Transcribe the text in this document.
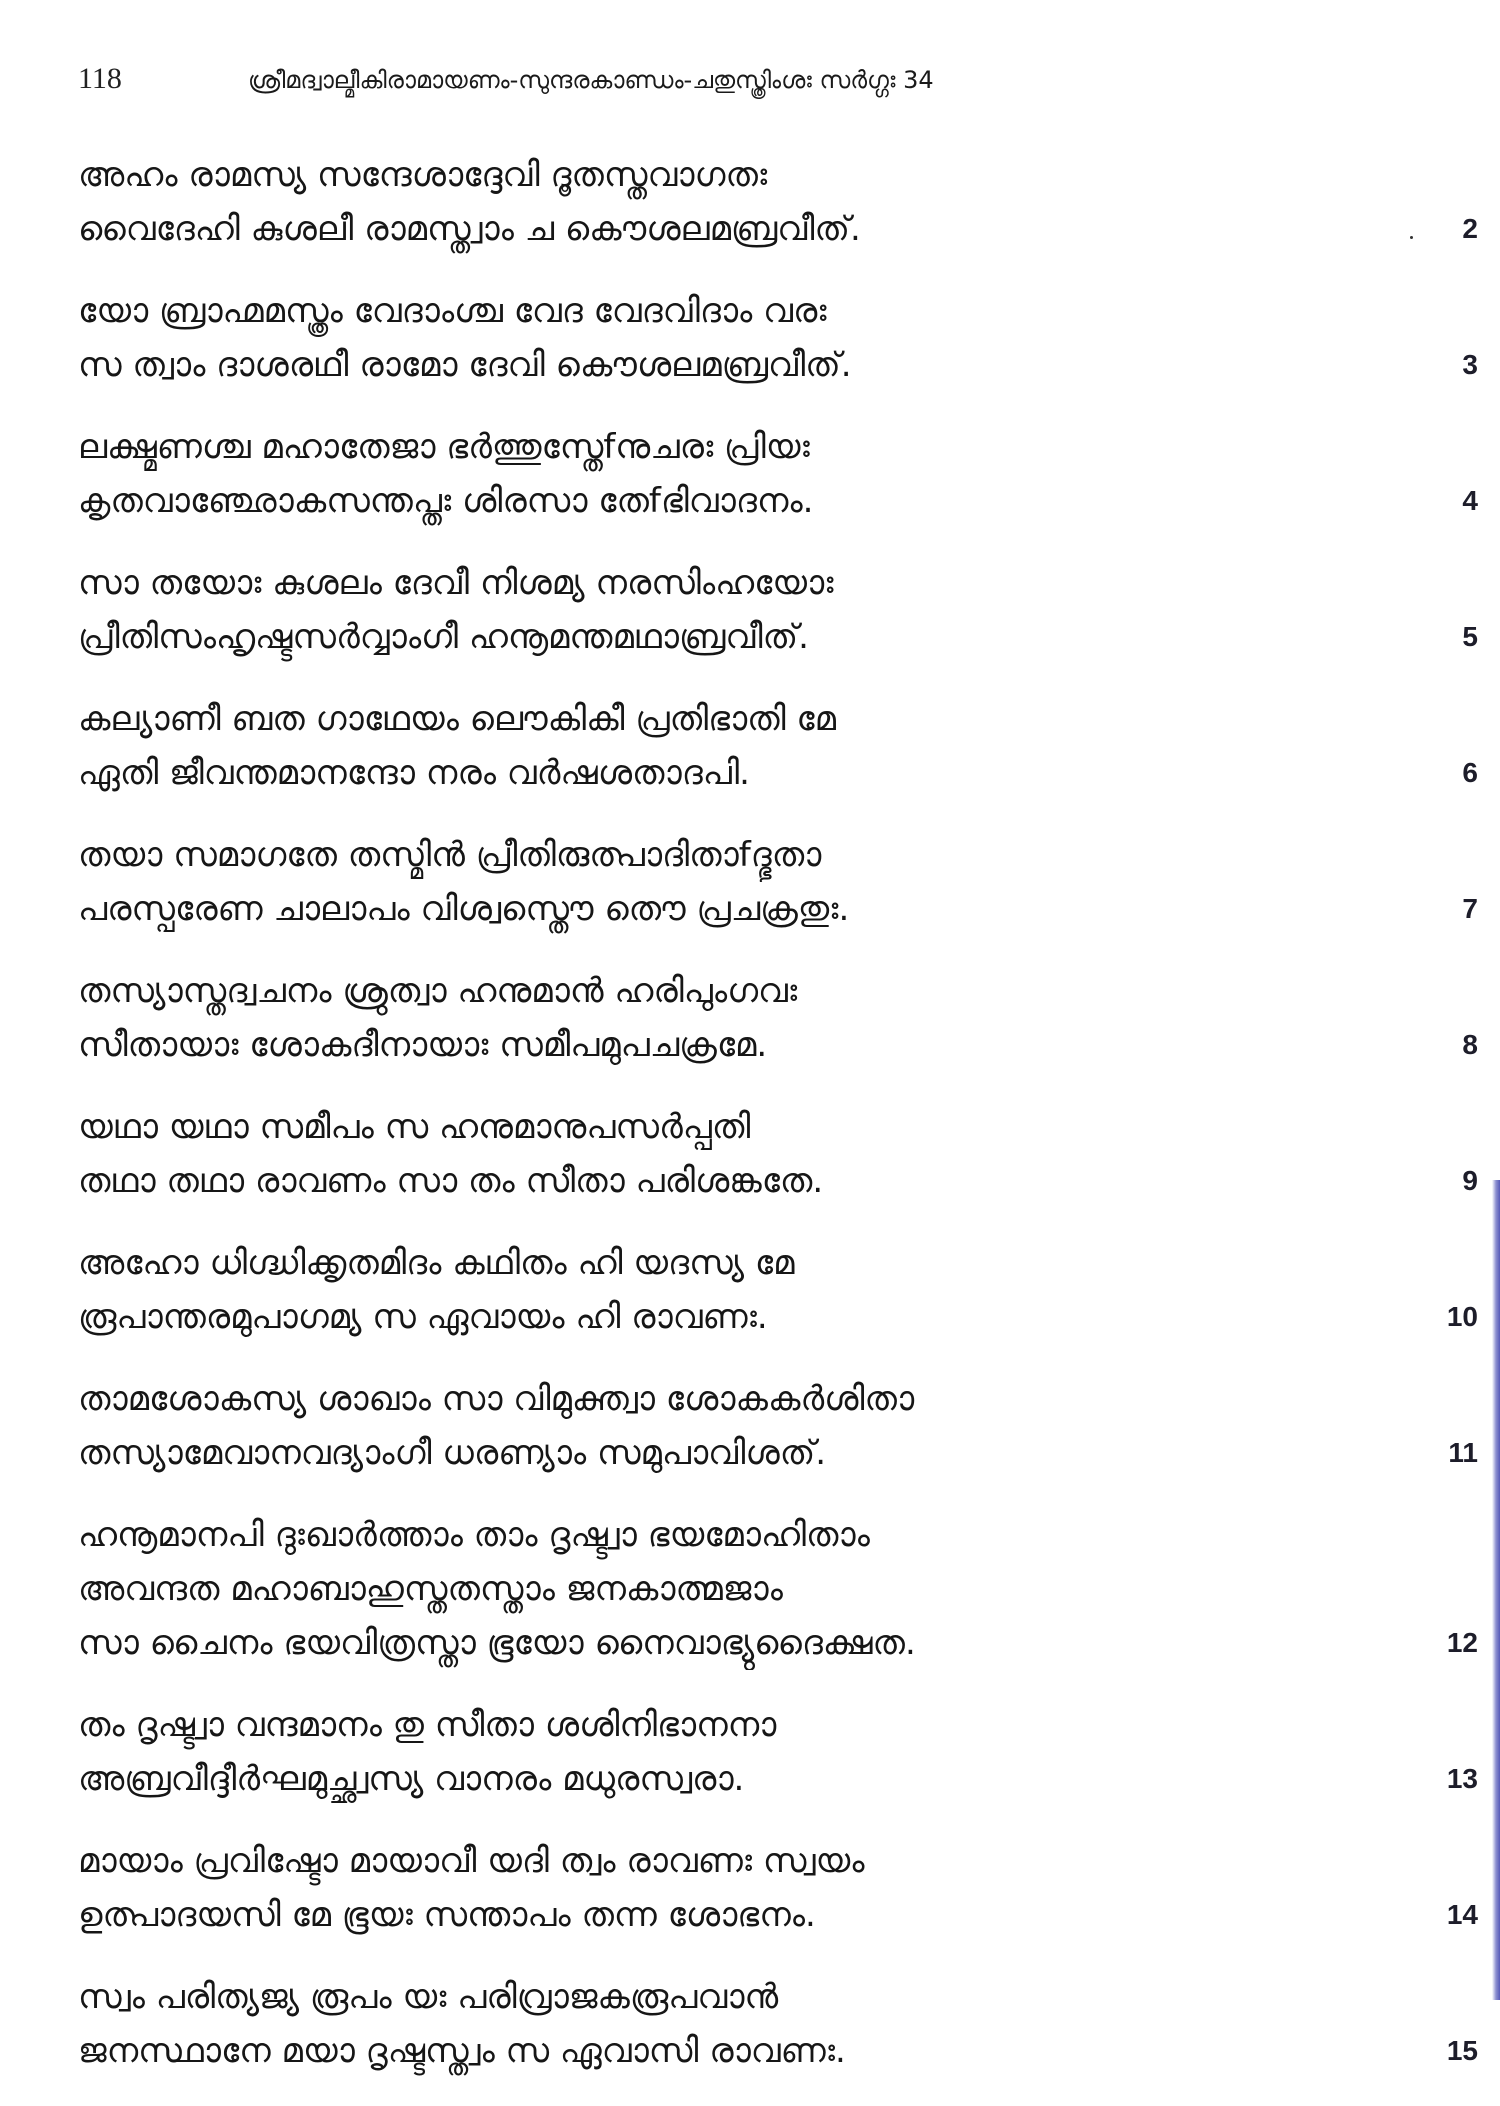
118	ശ്രീമദ്വാല്മീകിരാമായണം-സുന്ദരകാണ്ഡം-ചതുസ്ത്രിംശഃ സർഗ്ഗഃ 34
അഹം രാമസ്യ സന്ദേശാദ്ദേവി ദൂതസ്തവാഗതഃ
വൈദേഹി കുശലീ രാമസ്ത്വാം ച കൌശലമബ്രവീത്.	2
യോ ബ്രാഹ്മമസ്ത്രം വേദാംശ്ച വേദ വേദവിദാം വരഃ
സ ത്വാം ദാശരഥീ രാമോ ദേവി കൌശലമബ്രവീത്.	3
ലക്ഷ്മണശ്ച മഹാതേജാ ഭർത്തുസ്തേfനുചരഃ പ്രിയഃ
കൃതവാഞ്ഛോകസന്തപ്തഃ ശിരസാ തേfഭിവാദനം.	4
സാ തയോഃ കുശലം ദേവീ നിശമ്യ നരസിംഹയോഃ
പ്രീതിസംഹൃഷ്ടസർവ്വാംഗീ ഹനൂമന്തമഥാബ്രവീത്.	5
കല്യാണീ ബത ഗാഥേയം ലൌകികീ പ്രതിഭാതി മേ
ഏതി ജീവന്തമാനന്ദോ നരം വർഷശതാദപി.	6
തയാ സമാഗതേ തസ്മിൻ പ്രീതിരുത്പാദിതാfദ്ഭുതാ
പരസ്പരേണ ചാലാപം വിശ്വസ്തൌ തൌ പ്രചക്രതുഃ.	7
തസ്യാസ്തദ്വചനം ശ്രുത്വാ ഹനുമാൻ ഹരിപുംഗവഃ
സീതായാഃ ശോകദീനായാഃ സമീപമുപചക്രമേ.	8
യഥാ യഥാ സമീപം സ ഹനുമാനുപസർപ്പതി
തഥാ തഥാ രാവണം സാ തം സീതാ പരിശങ്കതേ.	9
അഹോ ധിഗ്ദ്ധിക്കൃതമിദം കഥിതം ഹി യദസ്യ മേ
രൂപാന്തരമുപാഗമ്യ സ ഏവായം ഹി രാവണഃ.	10
താമശോകസ്യ ശാഖാം സാ വിമുക്ത്വാ ശോകകർശിതാ
തസ്യാമേവാനവദ്യാംഗീ ധരണ്യാം സമുപാവിശത്.	11
ഹനൂമാനപി ദുഃഖാർത്താം താം ദൃഷ്ട്വാ ഭയമോഹിതാം
അവന്ദത മഹാബാഹുസ്തതസ്താം ജനകാത്മജാം
സാ ചൈനം ഭയവിത്രസ്താ ഭൂയോ നൈവാഭ്യുദൈക്ഷത.	12
തം ദൃഷ്ട്വാ വന്ദമാനം തു സീതാ ശശിനിഭാനനാ
അബ്രവീദ്ദീർഘമുച്ഛ്വസ്യ വാനരം മധുരസ്വരാ.	13
മായാം പ്രവിഷ്ടോ മായാവീ യദി ത്വം രാവണഃ സ്വയം
ഉത്പാദയസി മേ ഭൂയഃ സന്താപം തന്ന ശോഭനം.	14
സ്വം പരിത്യജ്യ രൂപം യഃ പരിവ്രാജകരൂപവാൻ
ജനസ്ഥാനേ മയാ ദൃഷ്ടസ്ത്വം സ ഏവാസി രാവണഃ.	15
